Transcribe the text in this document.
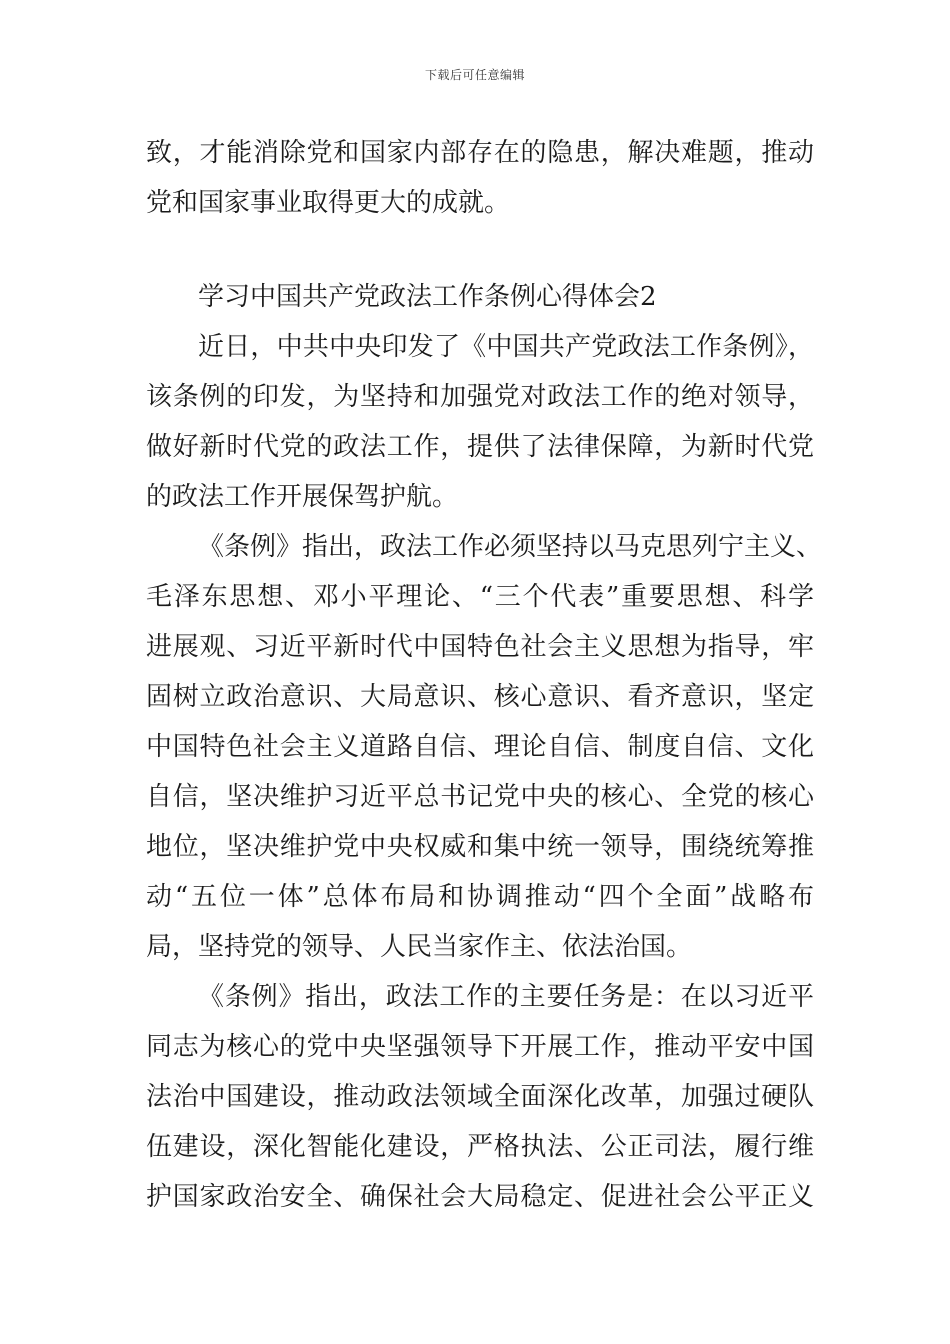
下载后可任意编辑
致，才能消除党和国家内部存在的隐患，解决难题，推动
党和国家事业取得更大的成就。
学习中国共产党政法工作条例心得体会2
近日，中共中央印发了《中国共产党政法工作条例》，
该条例的印发，为坚持和加强党对政法工作的绝对领导，
做好新时代党的政法工作，提供了法律保障，为新时代党
的政法工作开展保驾护航。
《条例》指出，政法工作必须坚持以马克思列宁主义、
毛泽东思想、邓小平理论、“三个代表”重要思想、科学
进展观、习近平新时代中国特色社会主义思想为指导，牢
固树立政治意识、大局意识、核心意识、看齐意识，坚定
中国特色社会主义道路自信、理论自信、制度自信、文化
自信，坚决维护习近平总书记党中央的核心、全党的核心
地位，坚决维护党中央权威和集中统一领导，围绕统筹推
动“五位一体”总体布局和协调推动“四个全面”战略布
局，坚持党的领导、人民当家作主、依法治国。
《条例》指出，政法工作的主要任务是：在以习近平
同志为核心的党中央坚强领导下开展工作，推动平安中国
法治中国建设，推动政法领域全面深化改革，加强过硬队
伍建设，深化智能化建设，严格执法、公正司法，履行维
护国家政治安全、确保社会大局稳定、促进社会公平正义
